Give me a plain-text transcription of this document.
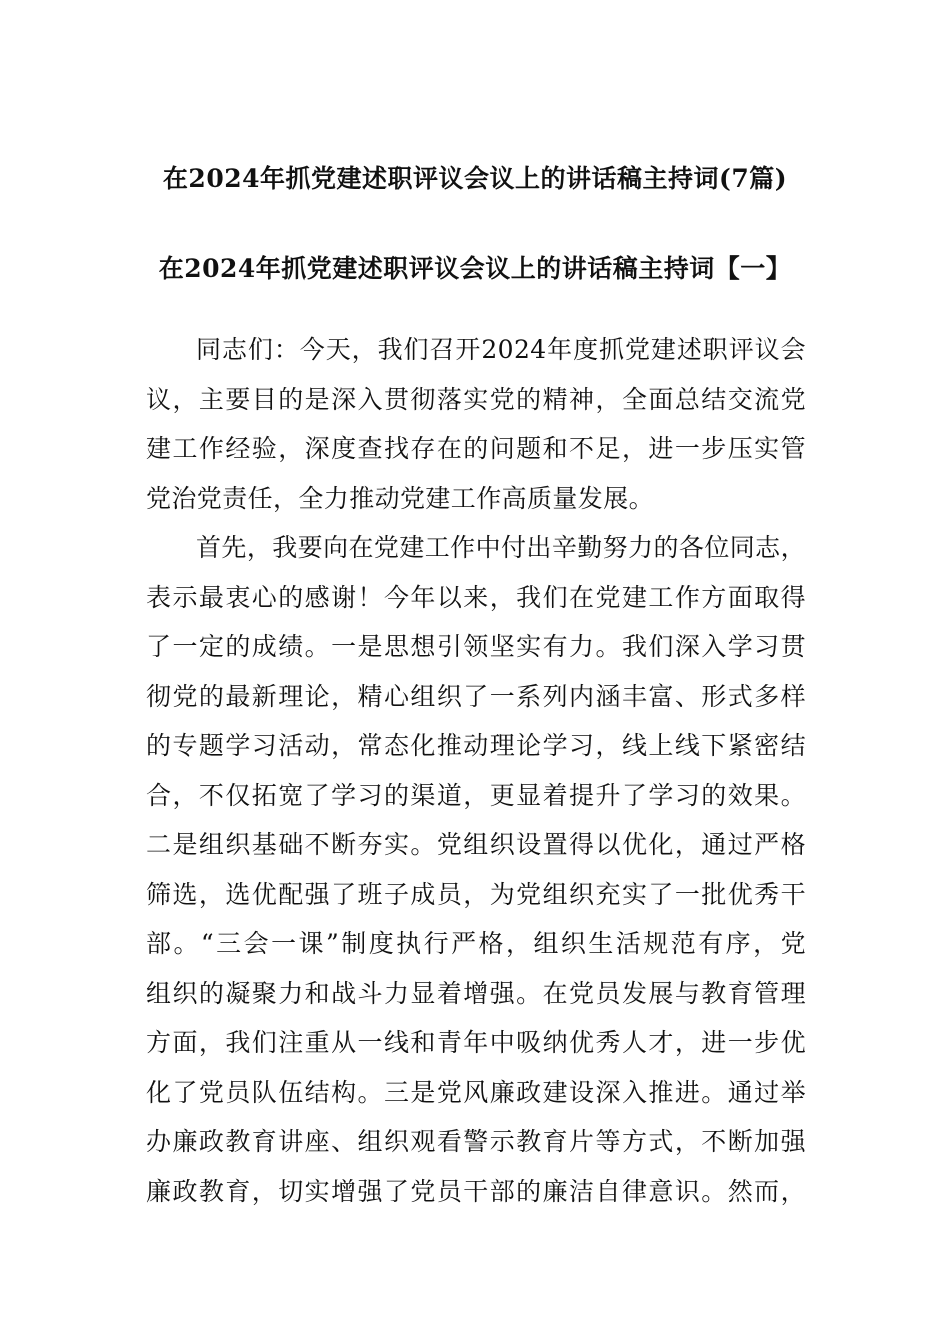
在2024年抓党建述职评议会议上的讲话稿主持词(7篇)
在2024年抓党建述职评议会议上的讲话稿主持词【一】
同志们：今天，我们召开2024年度抓党建述职评议会
议，主要目的是深入贯彻落实党的精神，全面总结交流党
建工作经验，深度查找存在的问题和不足，进一步压实管
党治党责任，全力推动党建工作高质量发展。
首先，我要向在党建工作中付出辛勤努力的各位同志，
表示最衷心的感谢！今年以来，我们在党建工作方面取得
了一定的成绩。一是思想引领坚实有力。我们深入学习贯
彻党的最新理论，精心组织了一系列内涵丰富、形式多样
的专题学习活动，常态化推动理论学习，线上线下紧密结
合，不仅拓宽了学习的渠道，更显着提升了学习的效果。
二是组织基础不断夯实。党组织设置得以优化，通过严格
筛选，选优配强了班子成员，为党组织充实了一批优秀干
部。“三会一课”制度执行严格，组织生活规范有序，党
组织的凝聚力和战斗力显着增强。在党员发展与教育管理
方面，我们注重从一线和青年中吸纳优秀人才，进一步优
化了党员队伍结构。三是党风廉政建设深入推进。通过举
办廉政教育讲座、组织观看警示教育片等方式，不断加强
廉政教育，切实增强了党员干部的廉洁自律意识。然而，
